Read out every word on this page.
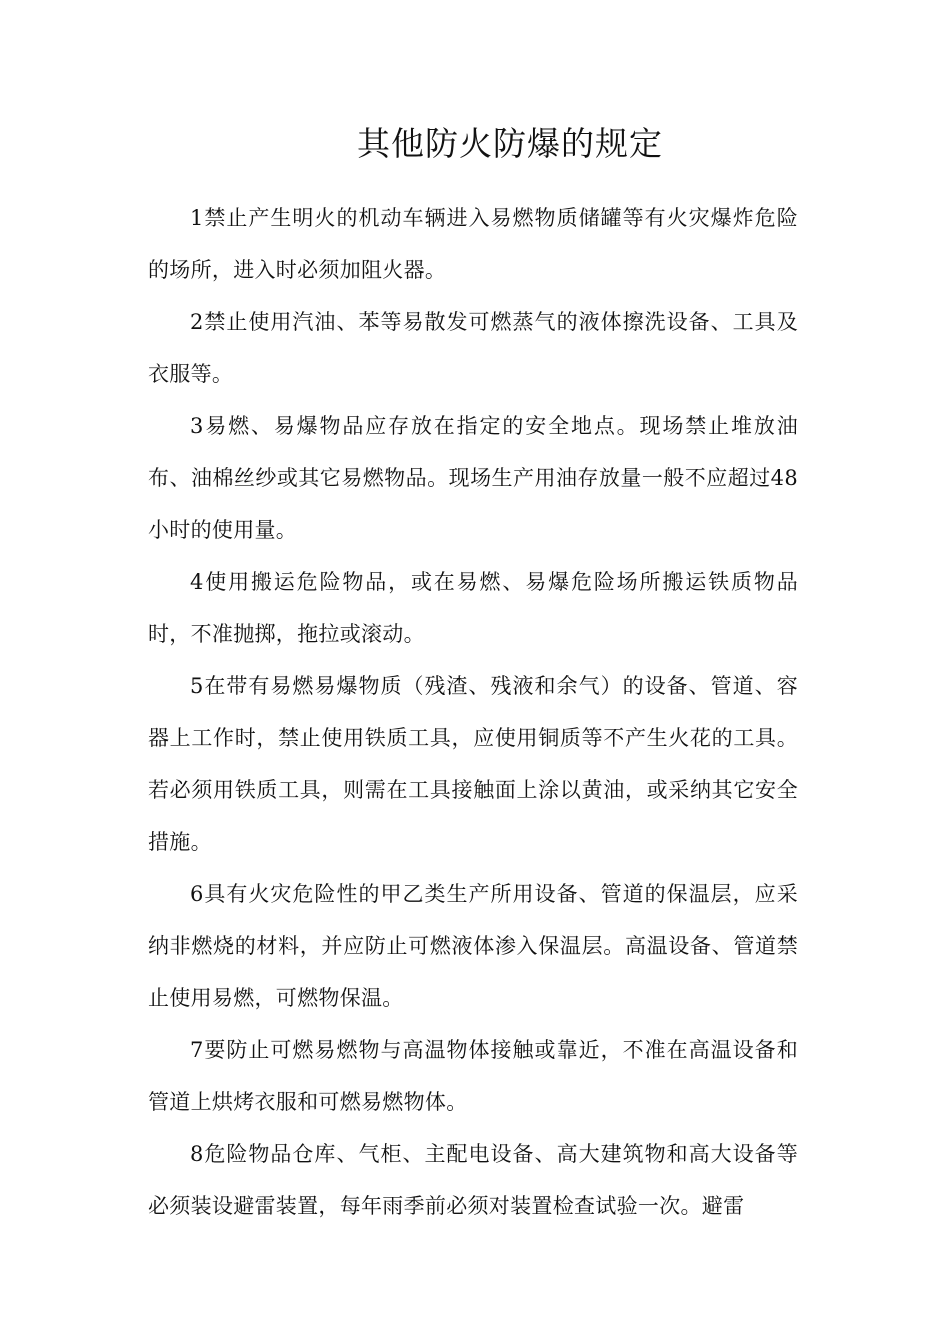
其他防火防爆的规定

1禁止产生明火的机动车辆进入易燃物质储罐等有火灾爆炸危险的场所，进入时必须加阻火器。

2禁止使用汽油、苯等易散发可燃蒸气的液体擦洗设备、工具及衣服等。

3易燃、易爆物品应存放在指定的安全地点。现场禁止堆放油布、油棉丝纱或其它易燃物品。现场生产用油存放量一般不应超过48小时的使用量。

4使用搬运危险物品，或在易燃、易爆危险场所搬运铁质物品时，不准抛掷，拖拉或滚动。

5在带有易燃易爆物质（残渣、残液和余气）的设备、管道、容器上工作时，禁止使用铁质工具，应使用铜质等不产生火花的工具。若必须用铁质工具，则需在工具接触面上涂以黄油，或采纳其它安全措施。

6具有火灾危险性的甲乙类生产所用设备、管道的保温层，应采纳非燃烧的材料，并应防止可燃液体渗入保温层。高温设备、管道禁止使用易燃，可燃物保温。

7要防止可燃易燃物与高温物体接触或靠近，不准在高温设备和管道上烘烤衣服和可燃易燃物体。

8危险物品仓库、气柜、主配电设备、高大建筑物和高大设备等必须装设避雷装置，每年雨季前必须对装置检查试验一次。避雷
